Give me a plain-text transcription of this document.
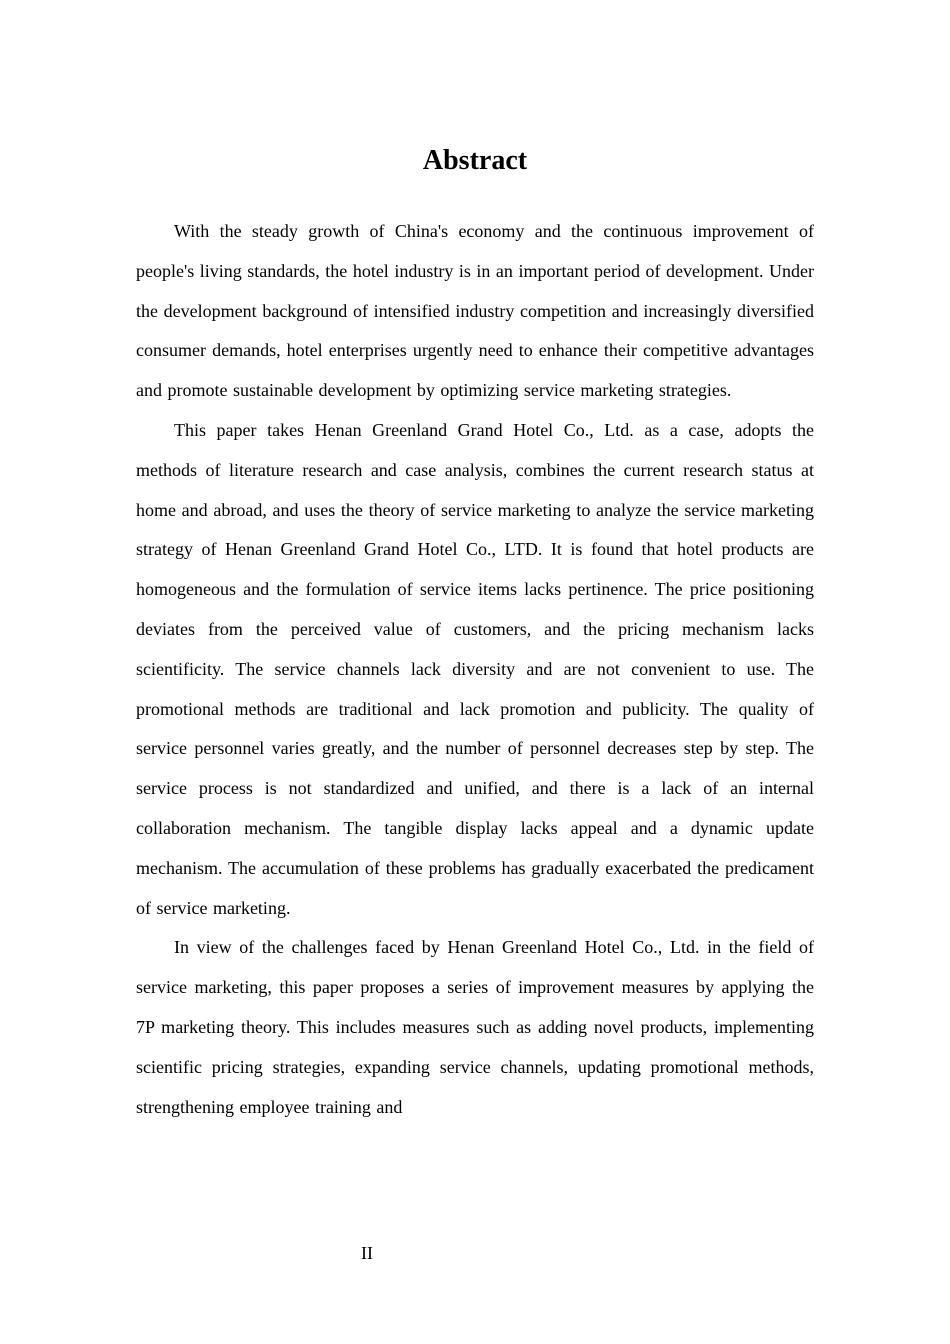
Abstract

With the steady growth of China's economy and the continuous improvement of people's living standards, the hotel industry is in an important period of development. Under the development background of intensified industry competition and increasingly diversified consumer demands, hotel enterprises urgently need to enhance their competitive advantages and promote sustainable development by optimizing service marketing strategies.

This paper takes Henan Greenland Grand Hotel Co., Ltd. as a case, adopts the methods of literature research and case analysis, combines the current research status at home and abroad, and uses the theory of service marketing to analyze the service marketing strategy of Henan Greenland Grand Hotel Co., LTD. It is found that hotel products are homogeneous and the formulation of service items lacks pertinence. The price positioning deviates from the perceived value of customers, and the pricing mechanism lacks scientificity. The service channels lack diversity and are not convenient to use. The promotional methods are traditional and lack promotion and publicity. The quality of service personnel varies greatly, and the number of personnel decreases step by step. The service process is not standardized and unified, and there is a lack of an internal collaboration mechanism. The tangible display lacks appeal and a dynamic update mechanism. The accumulation of these problems has gradually exacerbated the predicament of service marketing.

In view of the challenges faced by Henan Greenland Hotel Co., Ltd. in the field of service marketing, this paper proposes a series of improvement measures by applying the 7P marketing theory. This includes measures such as adding novel products, implementing scientific pricing strategies, expanding service channels, updating promotional methods, strengthening employee training and

II
